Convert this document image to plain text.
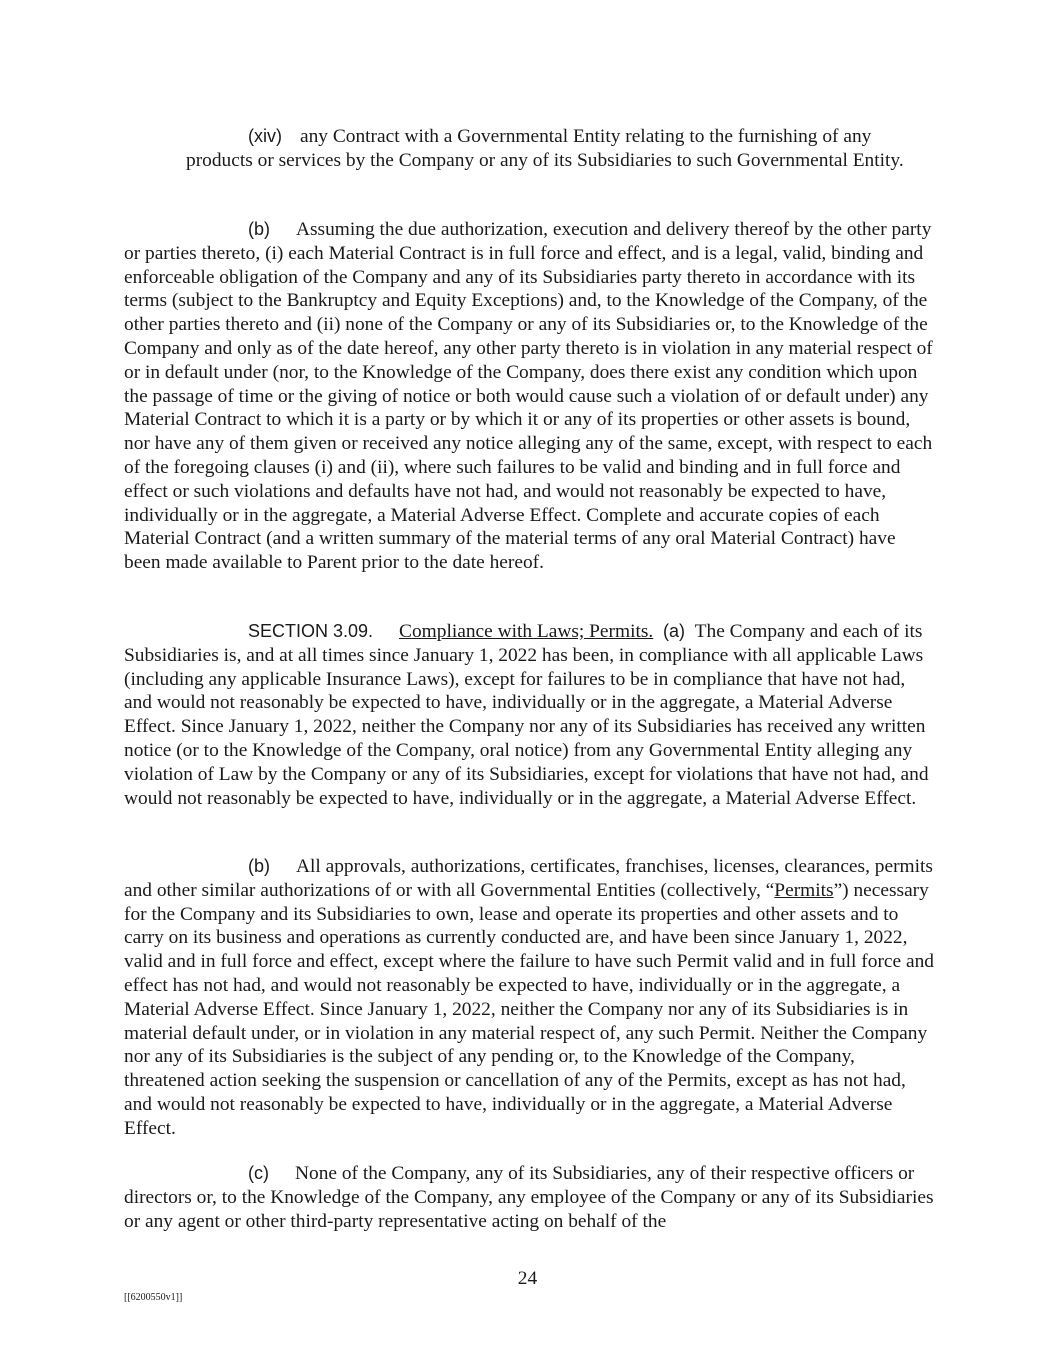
(xiv) any Contract with a Governmental Entity relating to the furnishing of any products or services by the Company or any of its Subsidiaries to such Governmental Entity.

(b) Assuming the due authorization, execution and delivery thereof by the other party or parties thereto, (i) each Material Contract is in full force and effect, and is a legal, valid, binding and enforceable obligation of the Company and any of its Subsidiaries party thereto in accordance with its terms (subject to the Bankruptcy and Equity Exceptions) and, to the Knowledge of the Company, of the other parties thereto and (ii) none of the Company or any of its Subsidiaries or, to the Knowledge of the Company and only as of the date hereof, any other party thereto is in violation in any material respect of or in default under (nor, to the Knowledge of the Company, does there exist any condition which upon the passage of time or the giving of notice or both would cause such a violation of or default under) any Material Contract to which it is a party or by which it or any of its properties or other assets is bound, nor have any of them given or received any notice alleging any of the same, except, with respect to each of the foregoing clauses (i) and (ii), where such failures to be valid and binding and in full force and effect or such violations and defaults have not had, and would not reasonably be expected to have, individually or in the aggregate, a Material Adverse Effect. Complete and accurate copies of each Material Contract (and a written summary of the material terms of any oral Material Contract) have been made available to Parent prior to the date hereof.

SECTION 3.09. Compliance with Laws; Permits. (a) The Company and each of its Subsidiaries is, and at all times since January 1, 2022 has been, in compliance with all applicable Laws (including any applicable Insurance Laws), except for failures to be in compliance that have not had, and would not reasonably be expected to have, individually or in the aggregate, a Material Adverse Effect. Since January 1, 2022, neither the Company nor any of its Subsidiaries has received any written notice (or to the Knowledge of the Company, oral notice) from any Governmental Entity alleging any violation of Law by the Company or any of its Subsidiaries, except for violations that have not had, and would not reasonably be expected to have, individually or in the aggregate, a Material Adverse Effect.

(b) All approvals, authorizations, certificates, franchises, licenses, clearances, permits and other similar authorizations of or with all Governmental Entities (collectively, “Permits”) necessary for the Company and its Subsidiaries to own, lease and operate its properties and other assets and to carry on its business and operations as currently conducted are, and have been since January 1, 2022, valid and in full force and effect, except where the failure to have such Permit valid and in full force and effect has not had, and would not reasonably be expected to have, individually or in the aggregate, a Material Adverse Effect. Since January 1, 2022, neither the Company nor any of its Subsidiaries is in material default under, or in violation in any material respect of, any such Permit. Neither the Company nor any of its Subsidiaries is the subject of any pending or, to the Knowledge of the Company, threatened action seeking the suspension or cancellation of any of the Permits, except as has not had, and would not reasonably be expected to have, individually or in the aggregate, a Material Adverse Effect.

(c) None of the Company, any of its Subsidiaries, any of their respective officers or directors or, to the Knowledge of the Company, any employee of the Company or any of its Subsidiaries or any agent or other third-party representative acting on behalf of the

24
[[6200550v1]]
